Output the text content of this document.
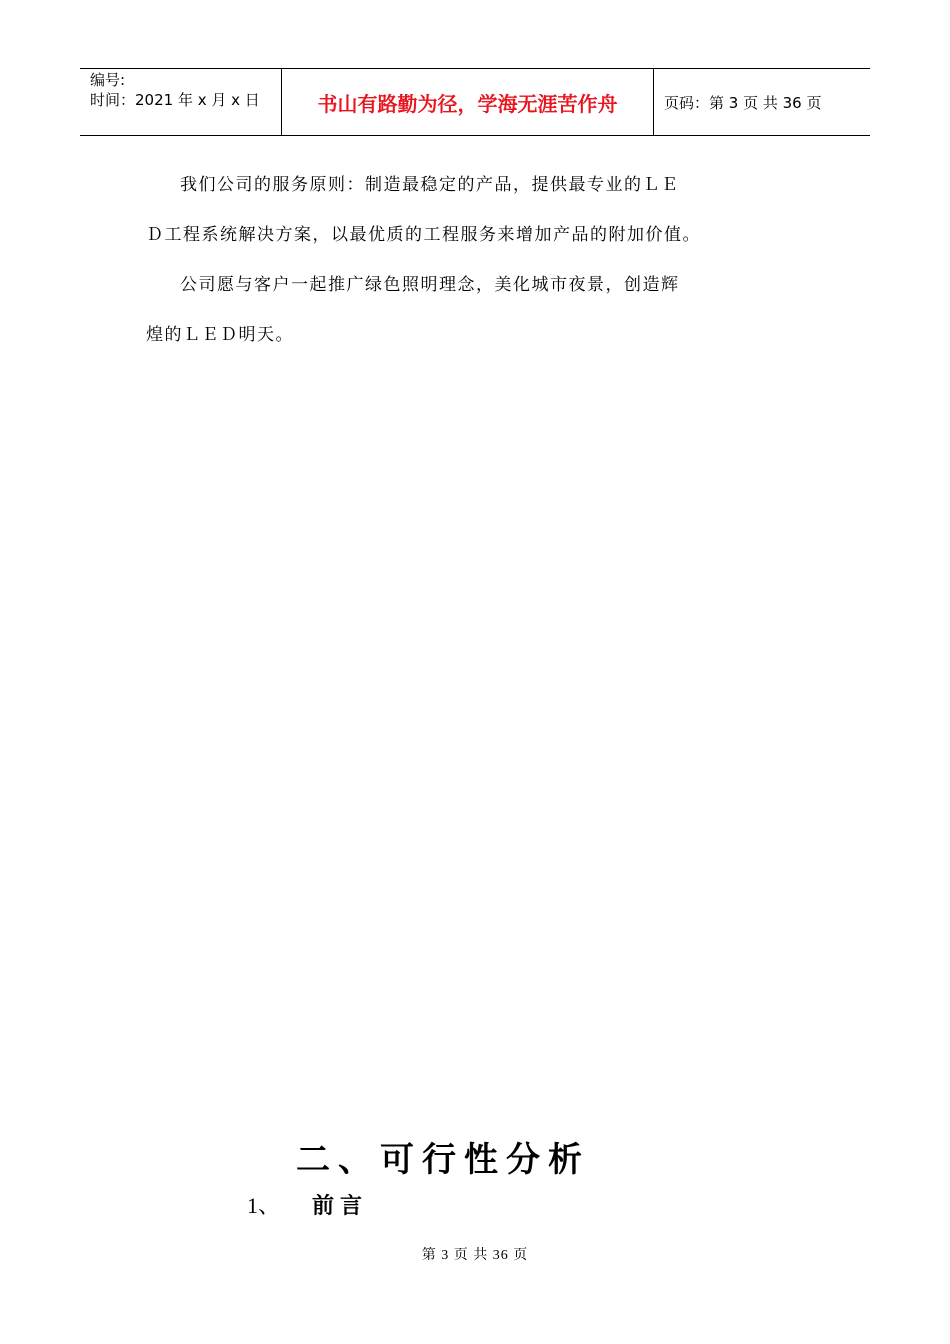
编号:
时间：2021 年 x 月 x 日	书山有路勤为径，学海无涯苦作舟	页码：第 3 页 共 36 页
我们公司的服务原则：制造最稳定的产品，提供最专业的ＬＥ
Ｄ工程系统解决方案，以最优质的工程服务来增加产品的附加价值。
公司愿与客户一起推广绿色照明理念，美化城市夜景，创造辉
煌的ＬＥＤ明天。
二、可行性分析
1、 前言
第 3 页 共 36 页
